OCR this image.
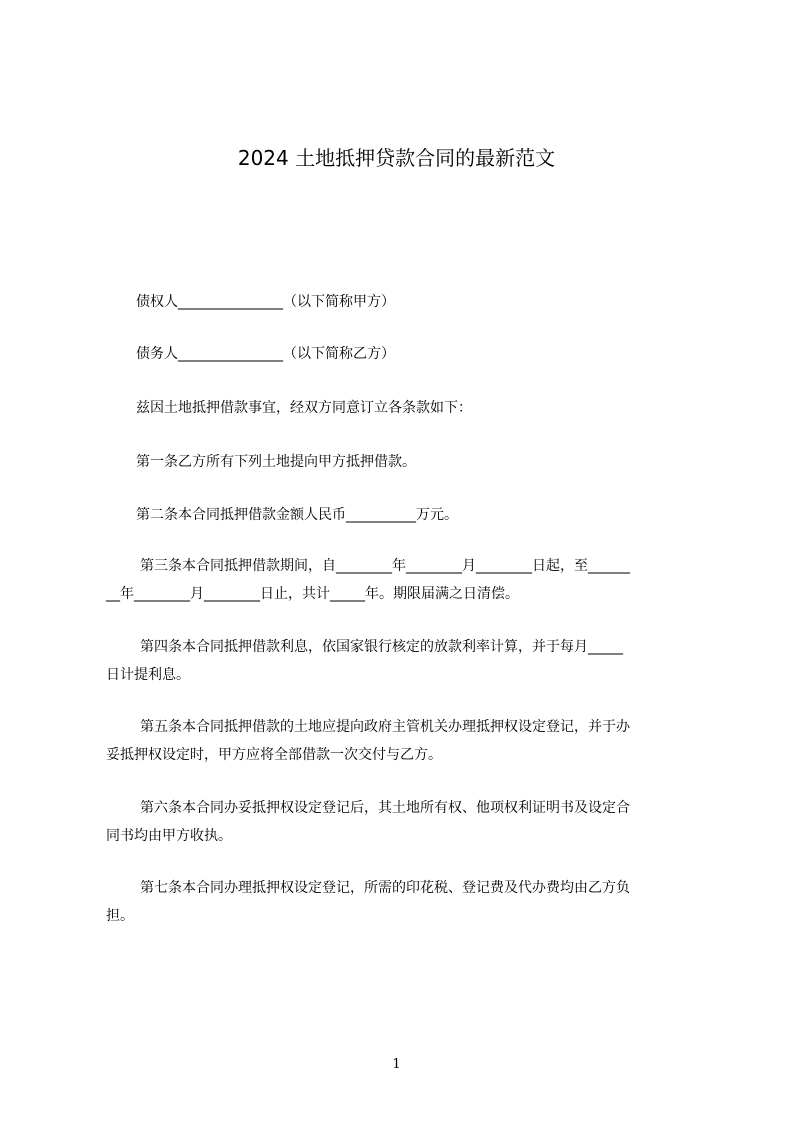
2024 土地抵押贷款合同的最新范文
债权人_______________（以下简称甲方）
债务人_______________（以下简称乙方）
兹因土地抵押借款事宜，经双方同意订立各条款如下：
第一条乙方所有下列土地提向甲方抵押借款。
第二条本合同抵押借款金额人民币__________万元。
第三条本合同抵押借款期间，自________年________月________日起，至______
__年________月________日止，共计_____年。期限届满之日清偿。
第四条本合同抵押借款利息，依国家银行核定的放款利率计算，并于每月_____
日计提利息。
第五条本合同抵押借款的土地应提向政府主管机关办理抵押权设定登记，并于办
妥抵押权设定时，甲方应将全部借款一次交付与乙方。
第六条本合同办妥抵押权设定登记后，其土地所有权、他项权利证明书及设定合
同书均由甲方收执。
第七条本合同办理抵押权设定登记，所需的印花税、登记费及代办费均由乙方负
担。
1
